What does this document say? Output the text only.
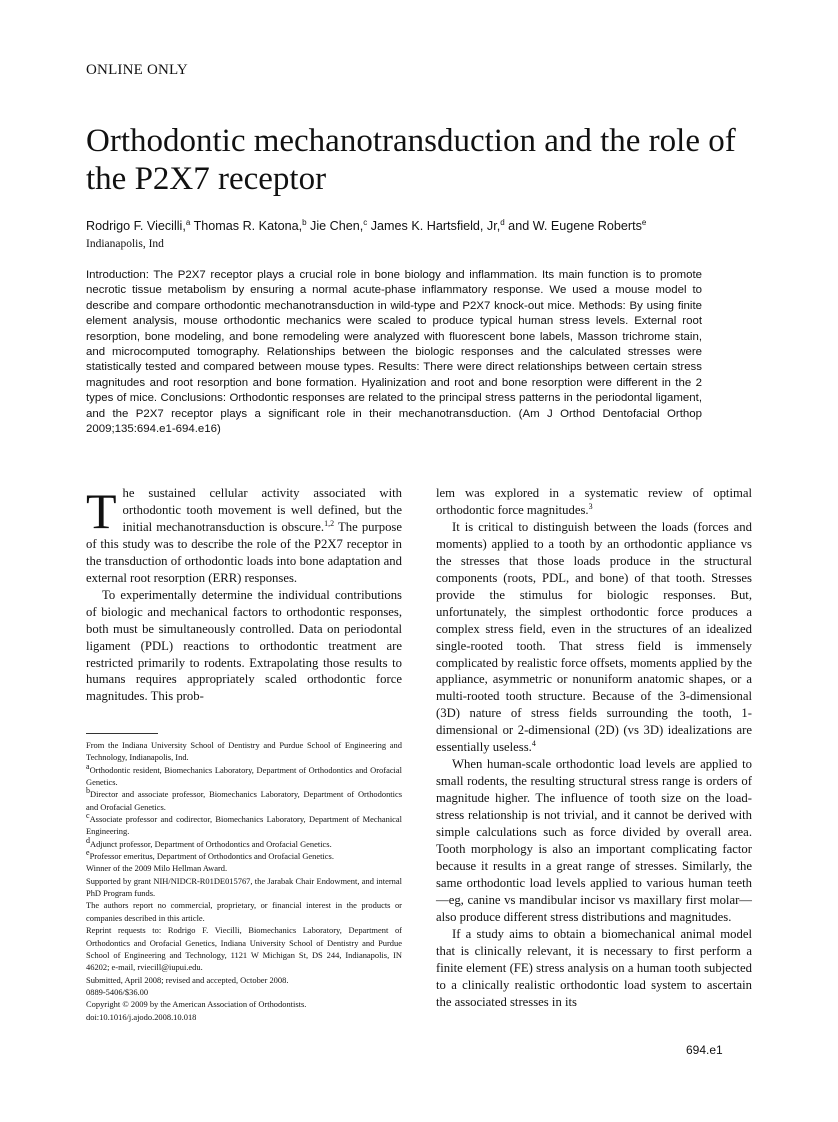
ONLINE ONLY
Orthodontic mechanotransduction and the role of the P2X7 receptor
Rodrigo F. Viecilli,$^a$ Thomas R. Katona,$^b$ Jie Chen,$^c$ James K. Hartsfield, Jr,$^d$ and W. Eugene Roberts$^e$
Indianapolis, Ind
Introduction: The P2X7 receptor plays a crucial role in bone biology and inflammation. Its main function is to promote necrotic tissue metabolism by ensuring a normal acute-phase inflammatory response. We used a mouse model to describe and compare orthodontic mechanotransduction in wild-type and P2X7 knock-out mice. Methods: By using finite element analysis, mouse orthodontic mechanics were scaled to produce typical human stress levels. External root resorption, bone modeling, and bone remodeling were analyzed with fluorescent bone labels, Masson trichrome stain, and microcomputed tomography. Relationships between the biologic responses and the calculated stresses were statistically tested and compared between mouse types. Results: There were direct relationships between certain stress magnitudes and root resorption and bone formation. Hyalinization and root and bone resorption were different in the 2 types of mice. Conclusions: Orthodontic responses are related to the principal stress patterns in the periodontal ligament, and the P2X7 receptor plays a significant role in their mechanotransduction. (Am J Orthod Dentofacial Orthop 2009;135:694.e1-694.e16)

The sustained cellular activity associated with orthodontic tooth movement is well defined, but the initial mechanotransduction is obscure.$^{1,2}$ The purpose of this study was to describe the role of the P2X7 receptor in the transduction of orthodontic loads into bone adaptation and external root resorption (ERR) responses.

To experimentally determine the individual contributions of biologic and mechanical factors to orthodontic responses, both must be simultaneously controlled. Data on periodontal ligament (PDL) reactions to orthodontic treatment are restricted primarily to rodents. Extrapolating those results to humans requires appropriately scaled orthodontic force magnitudes. This prob-

lem was explored in a systematic review of optimal orthodontic force magnitudes.$^3$

It is critical to distinguish between the loads (forces and moments) applied to a tooth by an orthodontic appliance vs the stresses that those loads produce in the structural components (roots, PDL, and bone) of that tooth. Stresses provide the stimulus for biologic responses. But, unfortunately, the simplest orthodontic force produces a complex stress field, even in the structures of an idealized single-rooted tooth. That stress field is immensely complicated by realistic force offsets, moments applied by the appliance, asymmetric or nonuniform anatomic shapes, or a multi-rooted tooth structure. Because of the 3-dimensional (3D) nature of stress fields surrounding the tooth, 1-dimensional or 2-dimensional (2D) (vs 3D) idealizations are essentially useless.$^4$

When human-scale orthodontic load levels are applied to small rodents, the resulting structural stress range is orders of magnitude higher. The influence of tooth size on the load-stress relationship is not trivial, and it cannot be derived with simple calculations such as force divided by overall area. Tooth morphology is also an important complicating factor because it results in a great range of stresses. Similarly, the same orthodontic load levels applied to various human teeth—eg, canine vs mandibular incisor vs maxillary first molar—also produce different stress distributions and magnitudes.

If a study aims to obtain a biomechanical animal model that is clinically relevant, it is necessary to first perform a finite element (FE) stress analysis on a human tooth subjected to a clinically realistic orthodontic load system to ascertain the associated stresses in its

From the Indiana University School of Dentistry and Purdue School of Engineering and Technology, Indianapolis, Ind.
$^a$Orthodontic resident, Biomechanics Laboratory, Department of Orthodontics and Orofacial Genetics.
$^b$Director and associate professor, Biomechanics Laboratory, Department of Orthodontics and Orofacial Genetics.
$^c$Associate professor and codirector, Biomechanics Laboratory, Department of Mechanical Engineering.
$^d$Adjunct professor, Department of Orthodontics and Orofacial Genetics.
$^e$Professor emeritus, Department of Orthodontics and Orofacial Genetics.
Winner of the 2009 Milo Hellman Award.
Supported by grant NIH/NIDCR-R01DE015767, the Jarabak Chair Endowment, and internal PhD Program funds.
The authors report no commercial, proprietary, or financial interest in the products or companies described in this article.
Reprint requests to: Rodrigo F. Viecilli, Biomechanics Laboratory, Department of Orthodontics and Orofacial Genetics, Indiana University School of Dentistry and Purdue School of Engineering and Technology, 1121 W Michigan St, DS 244, Indianapolis, IN 46202; e-mail, rviecill@iupui.edu.
Submitted, April 2008; revised and accepted, October 2008.
0889-5406/$36.00
Copyright © 2009 by the American Association of Orthodontists.
doi:10.1016/j.ajodo.2008.10.018
694.e1
